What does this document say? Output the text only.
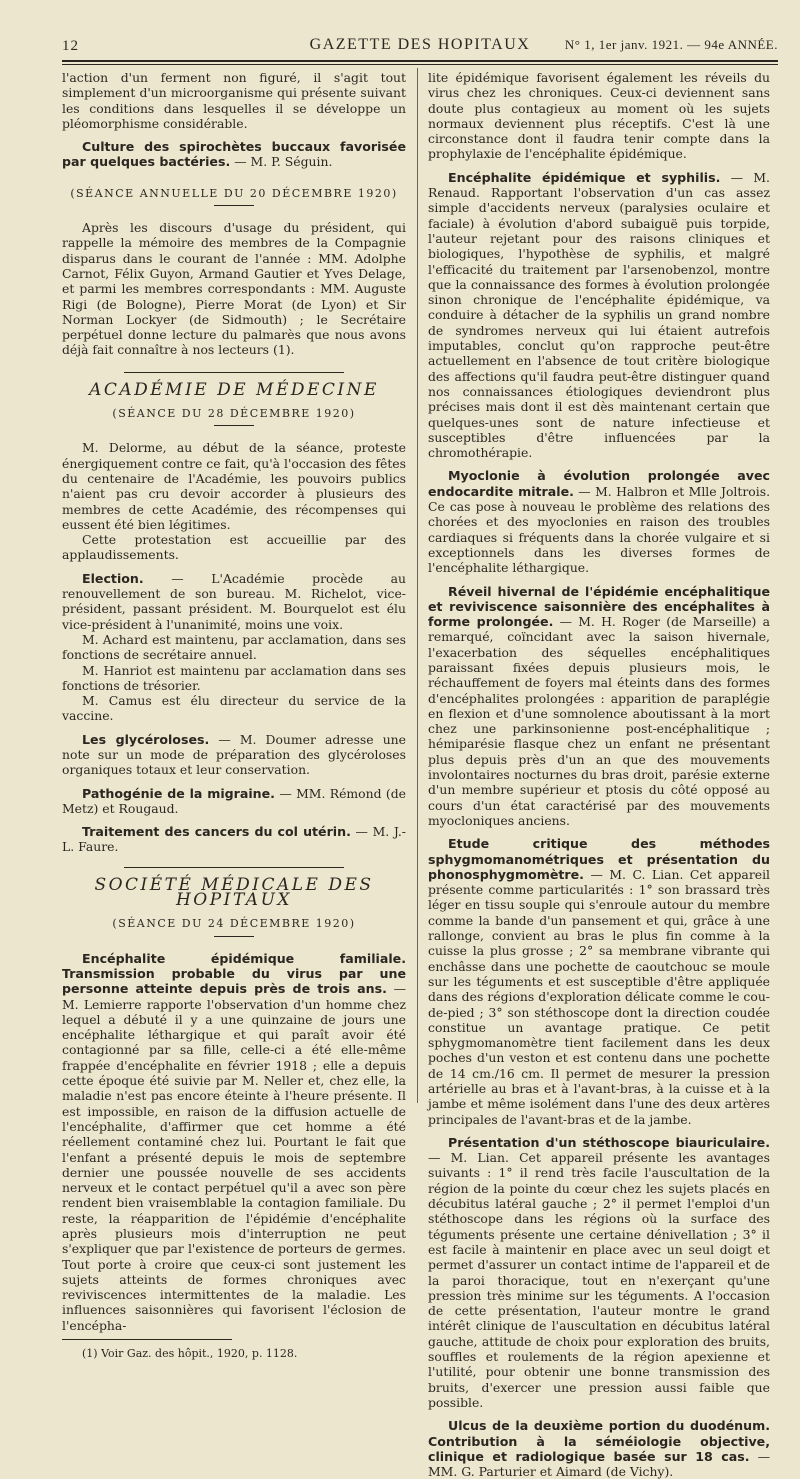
12	GAZETTE DES HOPITAUX	N° 1, 1er janv. 1921. — 94e ANNÉE.

l'action d'un ferment non figuré, il s'agit tout simplement d'un microorganisme qui présente suivant les conditions dans lesquelles il se développe un pléomorphisme considérable.

Culture des spirochètes buccaux favorisée par quelques bactéries. — M. P. Séguin.

(SÉANCE ANNUELLE DU 20 DÉCEMBRE 1920)

Après les discours d'usage du président, qui rappelle la mémoire des membres de la Compagnie disparus dans le courant de l'année : MM. Adolphe Carnot, Félix Guyon, Armand Gautier et Yves Delage, et parmi les membres correspondants : MM. Auguste Rigi (de Bologne), Pierre Morat (de Lyon) et Sir Norman Lockyer (de Sidmouth) ; le Secrétaire perpétuel donne lecture du palmarès que nous avons déjà fait connaître à nos lecteurs (1).

ACADÉMIE DE MÉDECINE
(SÉANCE DU 28 DÉCEMBRE 1920)

M. Delorme, au début de la séance, proteste énergiquement contre ce fait, qu'à l'occasion des fêtes du centenaire de l'Académie, les pouvoirs publics n'aient pas cru devoir accorder à plusieurs des membres de cette Académie, des récompenses qui eussent été bien légitimes.

Cette protestation est accueillie par des applaudissements.

Election. — L'Académie procède au renouvellement de son bureau. M. Richelot, vice-président, passant président. M. Bourquelot est élu vice-président à l'unanimité, moins une voix.

M. Achard est maintenu, par acclamation, dans ses fonctions de secrétaire annuel.

M. Hanriot est maintenu par acclamation dans ses fonctions de trésorier.

M. Camus est élu directeur du service de la vaccine.

Les glycéroloses. — M. Doumer adresse une note sur un mode de préparation des glycéroloses organiques totaux et leur conservation.

Pathogénie de la migraine. — MM. Rémond (de Metz) et Rougaud.

Traitement des cancers du col utérin. — M. J.-L. Faure.

SOCIÉTÉ MÉDICALE DES HOPITAUX
(SÉANCE DU 24 DÉCEMBRE 1920)

Encéphalite épidémique familiale. Transmission probable du virus par une personne atteinte depuis près de trois ans. — M. Lemierre rapporte l'observation d'un homme chez lequel a débuté il y a une quinzaine de jours une encéphalite léthargique et qui paraît avoir été contagionné par sa fille, celle-ci a été elle-même frappée d'encéphalite en février 1918 ; elle a depuis cette époque été suivie par M. Neller et, chez elle, la maladie n'est pas encore éteinte à l'heure présente. Il est impossible, en raison de la diffusion actuelle de l'encéphalite, d'affirmer que cet homme a été réellement contaminé chez lui. Pourtant le fait que l'enfant a présenté depuis le mois de septembre dernier une poussée nouvelle de ses accidents nerveux et le contact perpétuel qu'il a avec son père rendent bien vraisemblable la contagion familiale. Du reste, la réapparition de l'épidémie d'encéphalite après plusieurs mois d'interruption ne peut s'expliquer que par l'existence de porteurs de germes. Tout porte à croire que ceux-ci sont justement les sujets atteints de formes chroniques avec reviviscences intermittentes de la maladie. Les influences saisonnières qui favorisent l'éclosion de l'encépha-

(1) Voir Gaz. des hôpit., 1920, p. 1128.

lite épidémique favorisent également les réveils du virus chez les chroniques. Ceux-ci deviennent sans doute plus contagieux au moment où les sujets normaux deviennent plus réceptifs. C'est là une circonstance dont il faudra tenir compte dans la prophylaxie de l'encéphalite épidémique.

Encéphalite épidémique et syphilis. — M. Renaud. Rapportant l'observation d'un cas assez simple d'accidents nerveux (paralysies oculaire et faciale) à évolution d'abord subaiguë puis torpide, l'auteur rejetant pour des raisons cliniques et biologiques, l'hypothèse de syphilis, et malgré l'efficacité du traitement par l'arsenobenzol, montre que la connaissance des formes à évolution prolongée sinon chronique de l'encéphalite épidémique, va conduire à détacher de la syphilis un grand nombre de syndromes nerveux qui lui étaient autrefois imputables, conclut qu'on rapproche peut-être actuellement en l'absence de tout critère biologique des affections qu'il faudra peut-être distinguer quand nos connaissances étiologiques deviendront plus précises mais dont il est dès maintenant certain que quelques-unes sont de nature infectieuse et susceptibles d'être influencées par la chromothérapie.

Myoclonie à évolution prolongée avec endocardite mitrale. — M. Halbron et Mlle Joltrois. Ce cas pose à nouveau le problème des relations des chorées et des myoclonies en raison des troubles cardiaques si fréquents dans la chorée vulgaire et si exceptionnels dans les diverses formes de l'encéphalite léthargique.

Réveil hivernal de l'épidémie encéphalitique et reviviscence saisonnière des encéphalites à forme prolongée. — M. H. Roger (de Marseille) a remarqué, coïncidant avec la saison hivernale, l'exacerbation des séquelles encéphalitiques paraissant fixées depuis plusieurs mois, le réchauffement de foyers mal éteints dans des formes d'encéphalites prolongées : apparition de paraplégie en flexion et d'une somnolence aboutissant à la mort chez une parkinsonienne post-encéphalitique ; hémiparésie flasque chez un enfant ne présentant plus depuis près d'un an que des mouvements involontaires nocturnes du bras droit, parésie externe d'un membre supérieur et ptosis du côté opposé au cours d'un état caractérisé par des mouvements myocloniques anciens.

Etude critique des méthodes sphygmomanométriques et présentation du phonosphygmomètre. — M. C. Lian. Cet appareil présente comme particularités : 1° son brassard très léger en tissu souple qui s'enroule autour du membre comme la bande d'un pansement et qui, grâce à une rallonge, convient au bras le plus fin comme à la cuisse la plus grosse ; 2° sa membrane vibrante qui enchâsse dans une pochette de caoutchouc se moule sur les téguments et est susceptible d'être appliquée dans des régions d'exploration délicate comme le cou-de-pied ; 3° son stéthoscope dont la direction coudée constitue un avantage pratique. Ce petit sphygmomanomètre tient facilement dans les deux poches d'un veston et est contenu dans une pochette de 14 cm./16 cm. Il permet de mesurer la pression artérielle au bras et à l'avant-bras, à la cuisse et à la jambe et même isolément dans l'une des deux artères principales de l'avant-bras et de la jambe.

Présentation d'un stéthoscope biauriculaire. — M. Lian. Cet appareil présente les avantages suivants : 1° il rend très facile l'auscultation de la région de la pointe du cœur chez les sujets placés en décubitus latéral gauche ; 2° il permet l'emploi d'un stéthoscope dans les régions où la surface des téguments présente une certaine dénivellation ; 3° il est facile à maintenir en place avec un seul doigt et permet d'assurer un contact intime de l'appareil et de la paroi thoracique, tout en n'exerçant qu'une pression très minime sur les téguments. A l'occasion de cette présentation, l'auteur montre le grand intérêt clinique de l'auscultation en décubitus latéral gauche, attitude de choix pour exploration des bruits, souffles et roulements de la région apexienne et l'utilité, pour obtenir une bonne transmission des bruits, d'exercer une pression aussi faible que possible.

Ulcus de la deuxième portion du duodénum. Contribution à la séméiologie objective, clinique et radiologique basée sur 18 cas. — MM. G. Parturier et Aimard (de Vichy).
